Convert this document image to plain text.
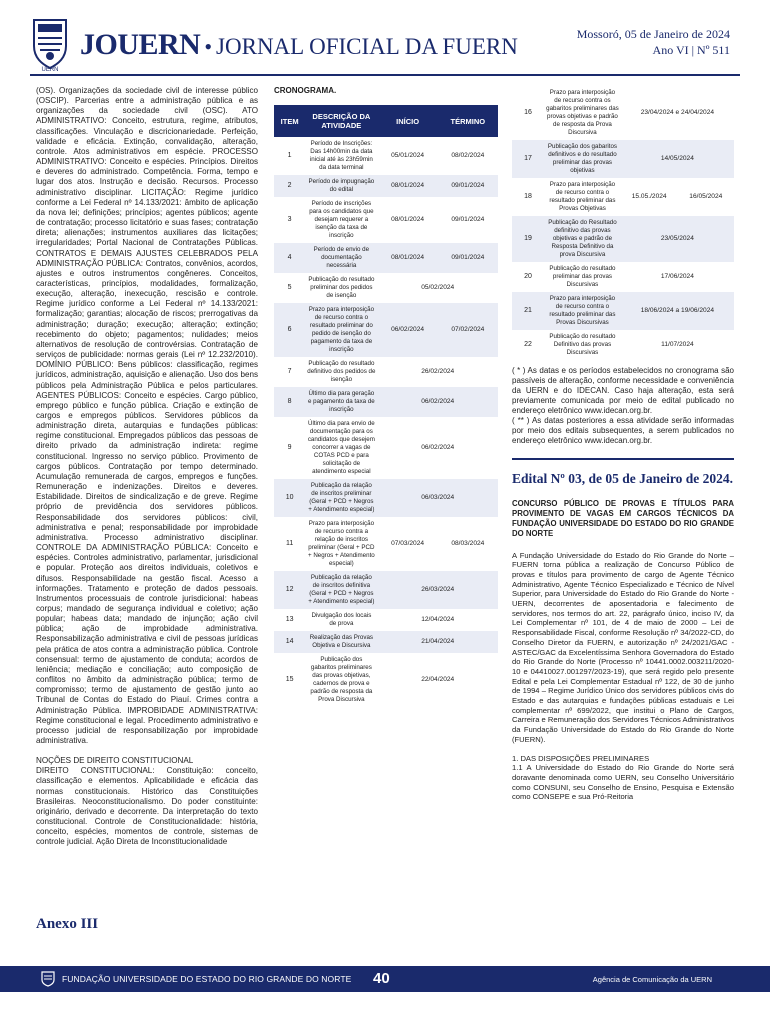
UERN
JOUERN • JORNAL OFICIAL DA FUERN	Mossoró, 05 de Janeiro de 2024
Ano VI | Nº 511

(OS). Organizações da sociedade civil de interesse público (OSCIP). Parcerias entre a administração pública e as organizações da sociedade civil (OSC). ATO ADMINISTRATIVO: Conceito, estrutura, regime, atributos, classificações. Vinculação e discricionariedade. Perfeição, validade e eficácia. Extinção, convalidação, alteração, controle. Atos administrativos em espécie. PROCESSO ADMINISTRATIVO: Conceito e espécies. Princípios. Direitos e deveres do administrado. Competência. Forma, tempo e lugar dos atos. Instrução e decisão. Recursos. Processo administrativo disciplinar. LICITAÇÃO: Regime jurídico conforme a Lei Federal nº 14.133/2021: âmbito de aplicação da nova lei; definições; princípios; agentes públicos; agente de contratação; processo licitatório e suas fases; contratação direta; alienações; instrumentos auxiliares das licitações; irregularidades; Portal Nacional de Contratações Públicas. CONTRATOS E DEMAIS AJUSTES CELEBRADOS PELA ADMINISTRAÇÃO PÚBLICA: Contratos, convênios, acordos, ajustes e outros instrumentos congêneres. Conceitos, características, princípios, modalidades, formalização, execução, alteração, inexecução, rescisão e controle. Regime jurídico conforme a Lei Federal nº 14.133/2021: formalização; garantias; alocação de riscos; prerrogativas da administração; duração; execução; alteração; extinção; recebimento do objeto; pagamentos; nulidades; meios alternativos de resolução de controvérsias. Contratação de serviços de publicidade: normas gerais (Lei nº 12.232/2010). DOMÍNIO PÚBLICO: Bens públicos: classificação, regimes jurídicos, administração, aquisição e alienação. Uso dos bens públicos pela Administração Pública e pelos particulares. AGENTES PÚBLICOS: Conceito e espécies. Cargo público, emprego público e função pública. Criação e extinção de cargos e empregos públicos. Servidores públicos da administração direta, autarquias e fundações públicas: regime constitucional. Empregados públicos das pessoas de direito privado da administração indireta: regime constitucional. Ingresso no serviço público. Provimento de cargos públicos. Contratação por tempo determinado. Acumulação remunerada de cargos, empregos e funções. Remuneração e indenizações. Direitos e deveres. Estabilidade. Direitos de sindicalização e de greve. Regime próprio de previdência dos servidores públicos. Responsabilidade dos servidores públicos: civil, administrativa e penal; responsabilidade por improbidade administrativa. Processo administrativo disciplinar. CONTROLE DA ADMINISTRAÇÃO PÚBLICA: Conceito e espécies. Controles administrativo, parlamentar, jurisdicional e popular. Proteção aos direitos individuais, coletivos e difusos. Responsabilidade na gestão fiscal. Acesso a informações. Tratamento e proteção de dados pessoais. Instrumentos processuais de controle jurisdicional: habeas corpus; mandado de segurança individual e coletivo; ação popular; habeas data; mandado de injunção; ação civil pública; ação de improbidade administrativa. Responsabilização administrativa e civil de pessoas jurídicas pela prática de atos contra a administração pública. Controle consensual: termo de ajustamento de conduta; acordos de leniência; mediação e conciliação; auto composição de conflitos no âmbito da administração pública; termo de compromisso; termo de ajustamento de gestão junto ao Tribunal de Contas do Estado do Piauí. Crimes contra a Administração Pública. IMPROBIDADE ADMINISTRATIVA: Regime constitucional e legal. Procedimento administrativo e processo judicial de responsabilização por improbidade administrativa.

NOÇÕES DE DIREITO CONSTITUCIONAL

DIREITO CONSTITUCIONAL: Constituição: conceito, classificação e elementos. Aplicabilidade e eficácia das normas constitucionais. Histórico das Constituições Brasileiras. Neoconstitucionalismo. Do poder constituinte: originário, derivado e decorrente. Da interpretação do texto constitucional. Controle de Constitucionalidade: história, conceito, espécies, momentos de controle, sistemas de controle judicial. Ação Direta de Inconstitucionalidade

Anexo III
CRONOGRAMA.
ITEM	DESCRIÇÃO DA ATIVIDADE	INÍCIO	TÉRMINO
1	Período de Inscrições: Das 14h00min da data inicial até às 23h59min da data terminal	05/01/2024	08/02/2024
2	Período de impugnação do edital	08/01/2024	09/01/2024
3	Período de inscrições para os candidatos que desejam requerer a isenção da taxa de inscrição	08/01/2024	09/01/2024
4	Período de envio de documentação necessária	08/01/2024	09/01/2024
5	Publicação do resultado preliminar dos pedidos de isenção	05/02/2024	
6	Prazo para interposição de recurso contra o resultado preliminar do pedido de isenção do pagamento da taxa de inscrição	06/02/2024	07/02/2024
7	Publicação do resultado definitivo dos pedidos de isenção	26/02/2024	
8	Último dia para geração e pagamento da taxa de inscrição	06/02/2024	
9	Último dia para envio de documentação para os candidatos que desejem concorrer a vagas de COTAS PCD e para solicitação de atendimento especial	06/02/2024	
10	Publicação da relação de inscritos preliminar (Geral + PCD + Negros + Atendimento especial)	06/03/2024	
11	Prazo para interposição de recurso contra a relação de inscritos preliminar (Geral + PCD + Negros + Atendimento especial)	07/03/2024	08/03/2024
12	Publicação da relação de inscritos definitiva (Geral + PCD + Negros + Atendimento especial)	26/03/2024	
13	Divulgação dos locais de prova	12/04/2024	
14	Realização das Provas Objetiva e Discursiva	21/04/2024	
15	Publicação dos gabaritos preliminares das provas objetivas, cadernos de prova e padrão de resposta da Prova Discursiva	22/04/2024	
16	Prazo para interposição de recurso contra os gabaritos preliminares das provas objetivas e padrão de resposta da Prova Discursiva	23/04/2024 e 24/04/2024	
17	Publicação dos gabaritos definitivos e do resultado preliminar das provas objetivas	14/05/2024	
18	Prazo para interposição de recurso contra o resultado preliminar das Provas Objetivas	15.05./2024	16/05/2024
19	Publicação do Resultado definitivo das provas objetivas e padrão de Resposta Definitivo da prova Discursiva	23/05/2024	
20	Publicação do resultado preliminar das provas Discursivas	17/06/2024	
21	Prazo para interposição de recurso contra o resultado preliminar das Provas Discursivas	18/06/2024 a 19/06/2024	
22	Publicação do resultado Definitivo das provas Discursivas	11/07/2024	

( * ) As datas e os períodos estabelecidos no cronograma são passíveis de alteração, conforme necessidade e conveniência da UERN e do IDECAN. Caso haja alteração, esta será previamente comunicada por meio de edital publicado no endereço eletrônico www.idecan.org.br.

( ** ) As datas posteriores a essa atividade serão informadas por meio dos editais subsequentes, a serem publicados no endereço eletrônico www.idecan.org.br.

Edital Nº 03, de 05 de Janeiro de 2024.
CONCURSO PÚBLICO DE PROVAS E TÍTULOS PARA PROVIMENTO DE VAGAS EM CARGOS TÉCNICOS DA FUNDAÇÃO UNIVERSIDADE DO ESTADO DO RIO GRANDE DO NORTE

A Fundação Universidade do Estado do Rio Grande do Norte – FUERN torna pública a realização de Concurso Público de provas e títulos para provimento de cargo de Agente Técnico Administrativo, Agente Técnico Especializado e Técnico de Nível Superior, para Universidade do Estado do Rio Grande do Norte - UERN, decorrentes de aposentadoria e falecimento de servidores, nos termos do art. 22, parágrafo único, inciso IV, da Lei Complementar nº 101, de 4 de maio de 2000 – Lei de Responsabilidade Fiscal, conforme Resolução nº 34/2022-CD, do Conselho Diretor da FUERN, e autorização nº 24/2021/GAC - ASTEC/GAC da Excelentíssima Senhora Governadora do Estado do Rio Grande do Norte (Processo nº 10441.0002.003211/2020-10 e 04410027.001297/2023-19), que será regido pelo presente Edital e pela Lei Complementar Estadual nº 122, de 30 de junho de 1994 – Regime Jurídico Único dos servidores públicos civis do Estado e das autarquias e fundações públicas estaduais e Lei complementar nº 699/2022, que institui o Plano de Cargos, Carreira e Remuneração dos Servidores Técnicos Administrativos da Fundação Universidade do Estado do Rio Grande do Norte (FUERN).

1. DAS DISPOSIÇÕES PRELIMINARES

1.1 A Universidade do Estado do Rio Grande do Norte será doravante denominada como UERN, seu Conselho Universitário como CONSUNI, seu Conselho de Ensino, Pesquisa e Extensão como CONSEPE e sua Pró-Reitoria

FUNDAÇÃO UNIVERSIDADE DO ESTADO DO RIO GRANDE DO NORTE 40	Agência de Comunicação da UERN
